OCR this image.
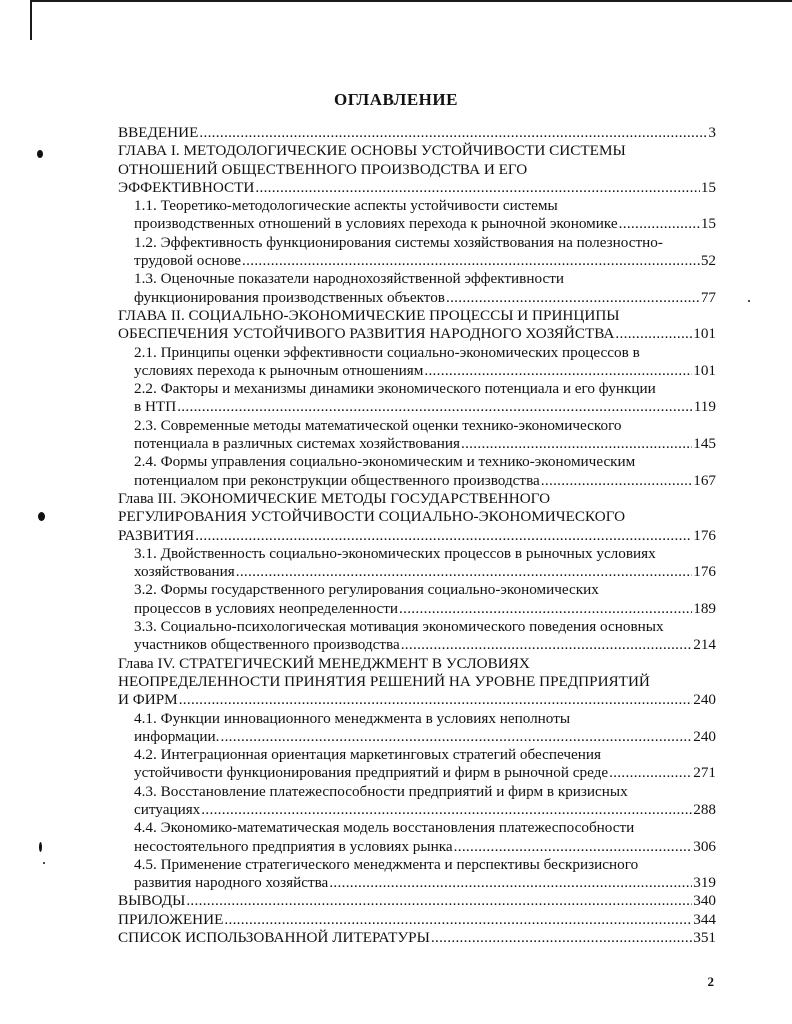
ОГЛАВЛЕНИЕ
ВВЕДЕНИЕ .....	3
ГЛАВА I. МЕТОДОЛОГИЧЕСКИЕ ОСНОВЫ УСТОЙЧИВОСТИ СИСТЕМЫ
ОТНОШЕНИЙ ОБЩЕСТВЕННОГО ПРОИЗВОДСТВА И ЕГО
ЭФФЕКТИВНОСТИ .....	15
1.1. Теоретико-методологические аспекты устойчивости системы
производственных отношений в условиях перехода к рыночной экономике .....	15
1.2. Эффективность функционирования системы хозяйствования на полезностно-
трудовой основе .....	52
1.3. Оценочные показатели народнохозяйственной эффективности
функционирования производственных объектов .....	77
ГЛАВА II. СОЦИАЛЬНО-ЭКОНОМИЧЕСКИЕ ПРОЦЕССЫ И ПРИНЦИПЫ
ОБЕСПЕЧЕНИЯ УСТОЙЧИВОГО РАЗВИТИЯ НАРОДНОГО ХОЗЯЙСТВА .....	101
2.1. Принципы оценки эффективности социально-экономических процессов в
условиях перехода к рыночным отношениям .....	101
2.2. Факторы и механизмы динамики экономического потенциала и его функции
в НТП .....	119
2.3. Современные методы математической оценки технико-экономического
потенциала в различных системах хозяйствования .....	145
2.4. Формы управления социально-экономическим и технико-экономическим
потенциалом при реконструкции общественного производства .....	167
Глава III. ЭКОНОМИЧЕСКИЕ МЕТОДЫ ГОСУДАРСТВЕННОГО
РЕГУЛИРОВАНИЯ УСТОЙЧИВОСТИ СОЦИАЛЬНО-ЭКОНОМИЧЕСКОГО
РАЗВИТИЯ .....	176
3.1. Двойственность социально-экономических процессов в рыночных условиях
хозяйствования .....	176
3.2. Формы государственного регулирования социально-экономических
процессов в условиях неопределенности .....	189
3.3. Социально-психологическая мотивация экономического поведения основных
участников общественного производства .....	214
Глава IV. СТРАТЕГИЧЕСКИЙ МЕНЕДЖМЕНТ В УСЛОВИЯХ
НЕОПРЕДЕЛЕННОСТИ ПРИНЯТИЯ РЕШЕНИЙ НА УРОВНЕ ПРЕДПРИЯТИЙ
И ФИРМ .....	240
4.1. Функции инновационного менеджмента в условиях неполноты
информации. .....	240
4.2. Интеграционная ориентация маркетинговых стратегий обеспечения
устойчивости функционирования предприятий и фирм в рыночной среде .....	271
4.3. Восстановление платежеспособности предприятий и фирм в кризисных
ситуациях .....	288
4.4. Экономико-математическая модель восстановления платежеспособности
несостоятельного предприятия в условиях рынка .....	306
4.5. Применение стратегического менеджмента и перспективы бескризисного
развития народного хозяйства .....	319
ВЫВОДЫ .....	340
ПРИЛОЖЕНИЕ .....	344
СПИСОК ИСПОЛЬЗОВАННОЙ ЛИТЕРАТУРЫ .....	351
2
